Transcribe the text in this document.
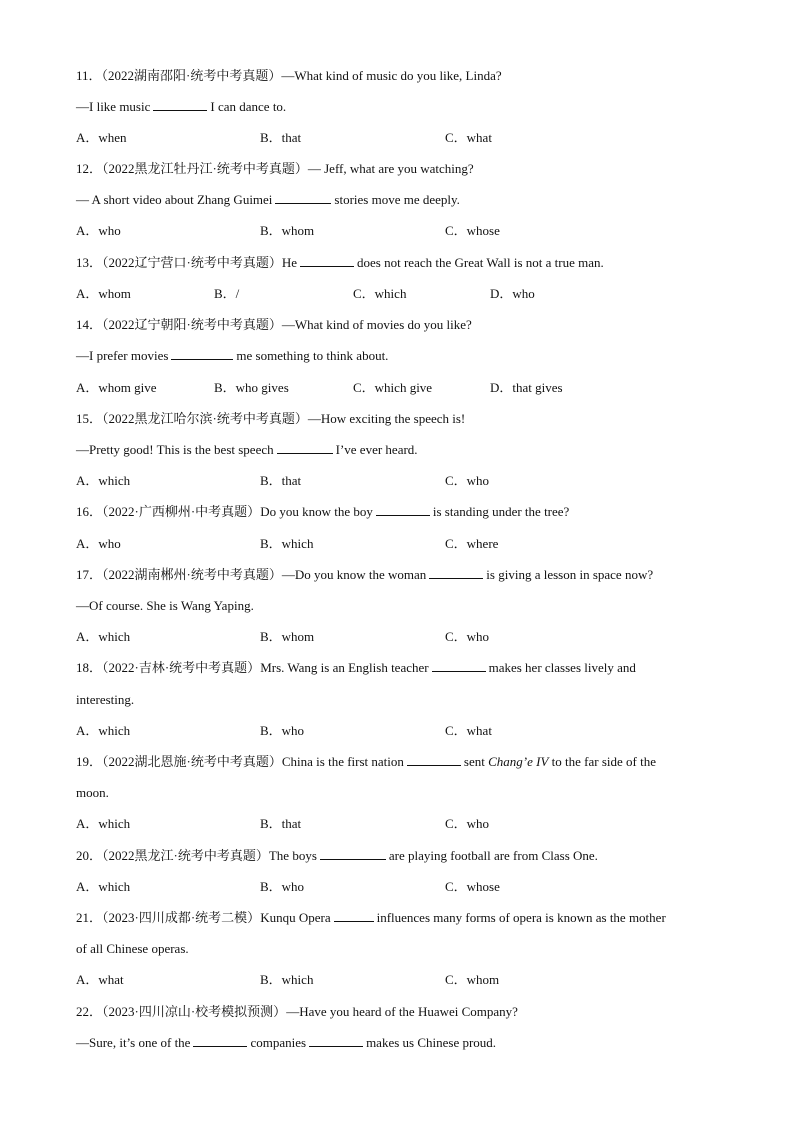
11．（2022湖南邵阳·统考中考真题）—What kind of music do you like, Linda?
—I like music	I can dance to.
A．when	B．that	C．what
12．（2022黑龙江牡丹江·统考中考真题）— Jeff, what are you watching?
— A short video about Zhang Guimei	stories move me deeply.
A．who	B．whom	C．whose
13．（2022辽宁营口·统考中考真题）He	does not reach the Great Wall is not a true man.
A．whom	B．/	C．which	D．who
14．（2022辽宁朝阳·统考中考真题）—What kind of movies do you like?
—I prefer movies	me something to think about.
A．whom give	B．who gives	C．which give	D．that gives
15．（2022黑龙江哈尔滨·统考中考真题）—How exciting the speech is!
—Pretty good! This is the best speech	I’ve ever heard.
A．which	B．that	C．who
16．（2022·广西柳州·中考真题）Do you know the boy	is standing under the tree?
A．who	B．which	C．where
17．（2022湖南郴州·统考中考真题）—Do you know the woman	is giving a lesson in space now?
—Of course. She is Wang Yaping.
A．which	B．whom	C．who
18．（2022·吉林·统考中考真题）Mrs. Wang is an English teacher	makes her classes lively and
interesting.
A．which	B．who	C．what
19．（2022湖北恩施·统考中考真题）China is the first nation	sent Chang’e IV to the far side of the
moon.
A．which	B．that	C．who
20．（2022黑龙江·统考中考真题）The boys	are playing football are from Class One.
A．which	B．who	C．whose
21．（2023·四川成都·统考二模）Kunqu Opera	influences many forms of opera is known as the mother
of all Chinese operas.
A．what	B．which	C．whom
22．（2023·四川凉山·校考模拟预测）—Have you heard of the Huawei Company?
—Sure, it’s one of the	companies	makes us Chinese proud.
